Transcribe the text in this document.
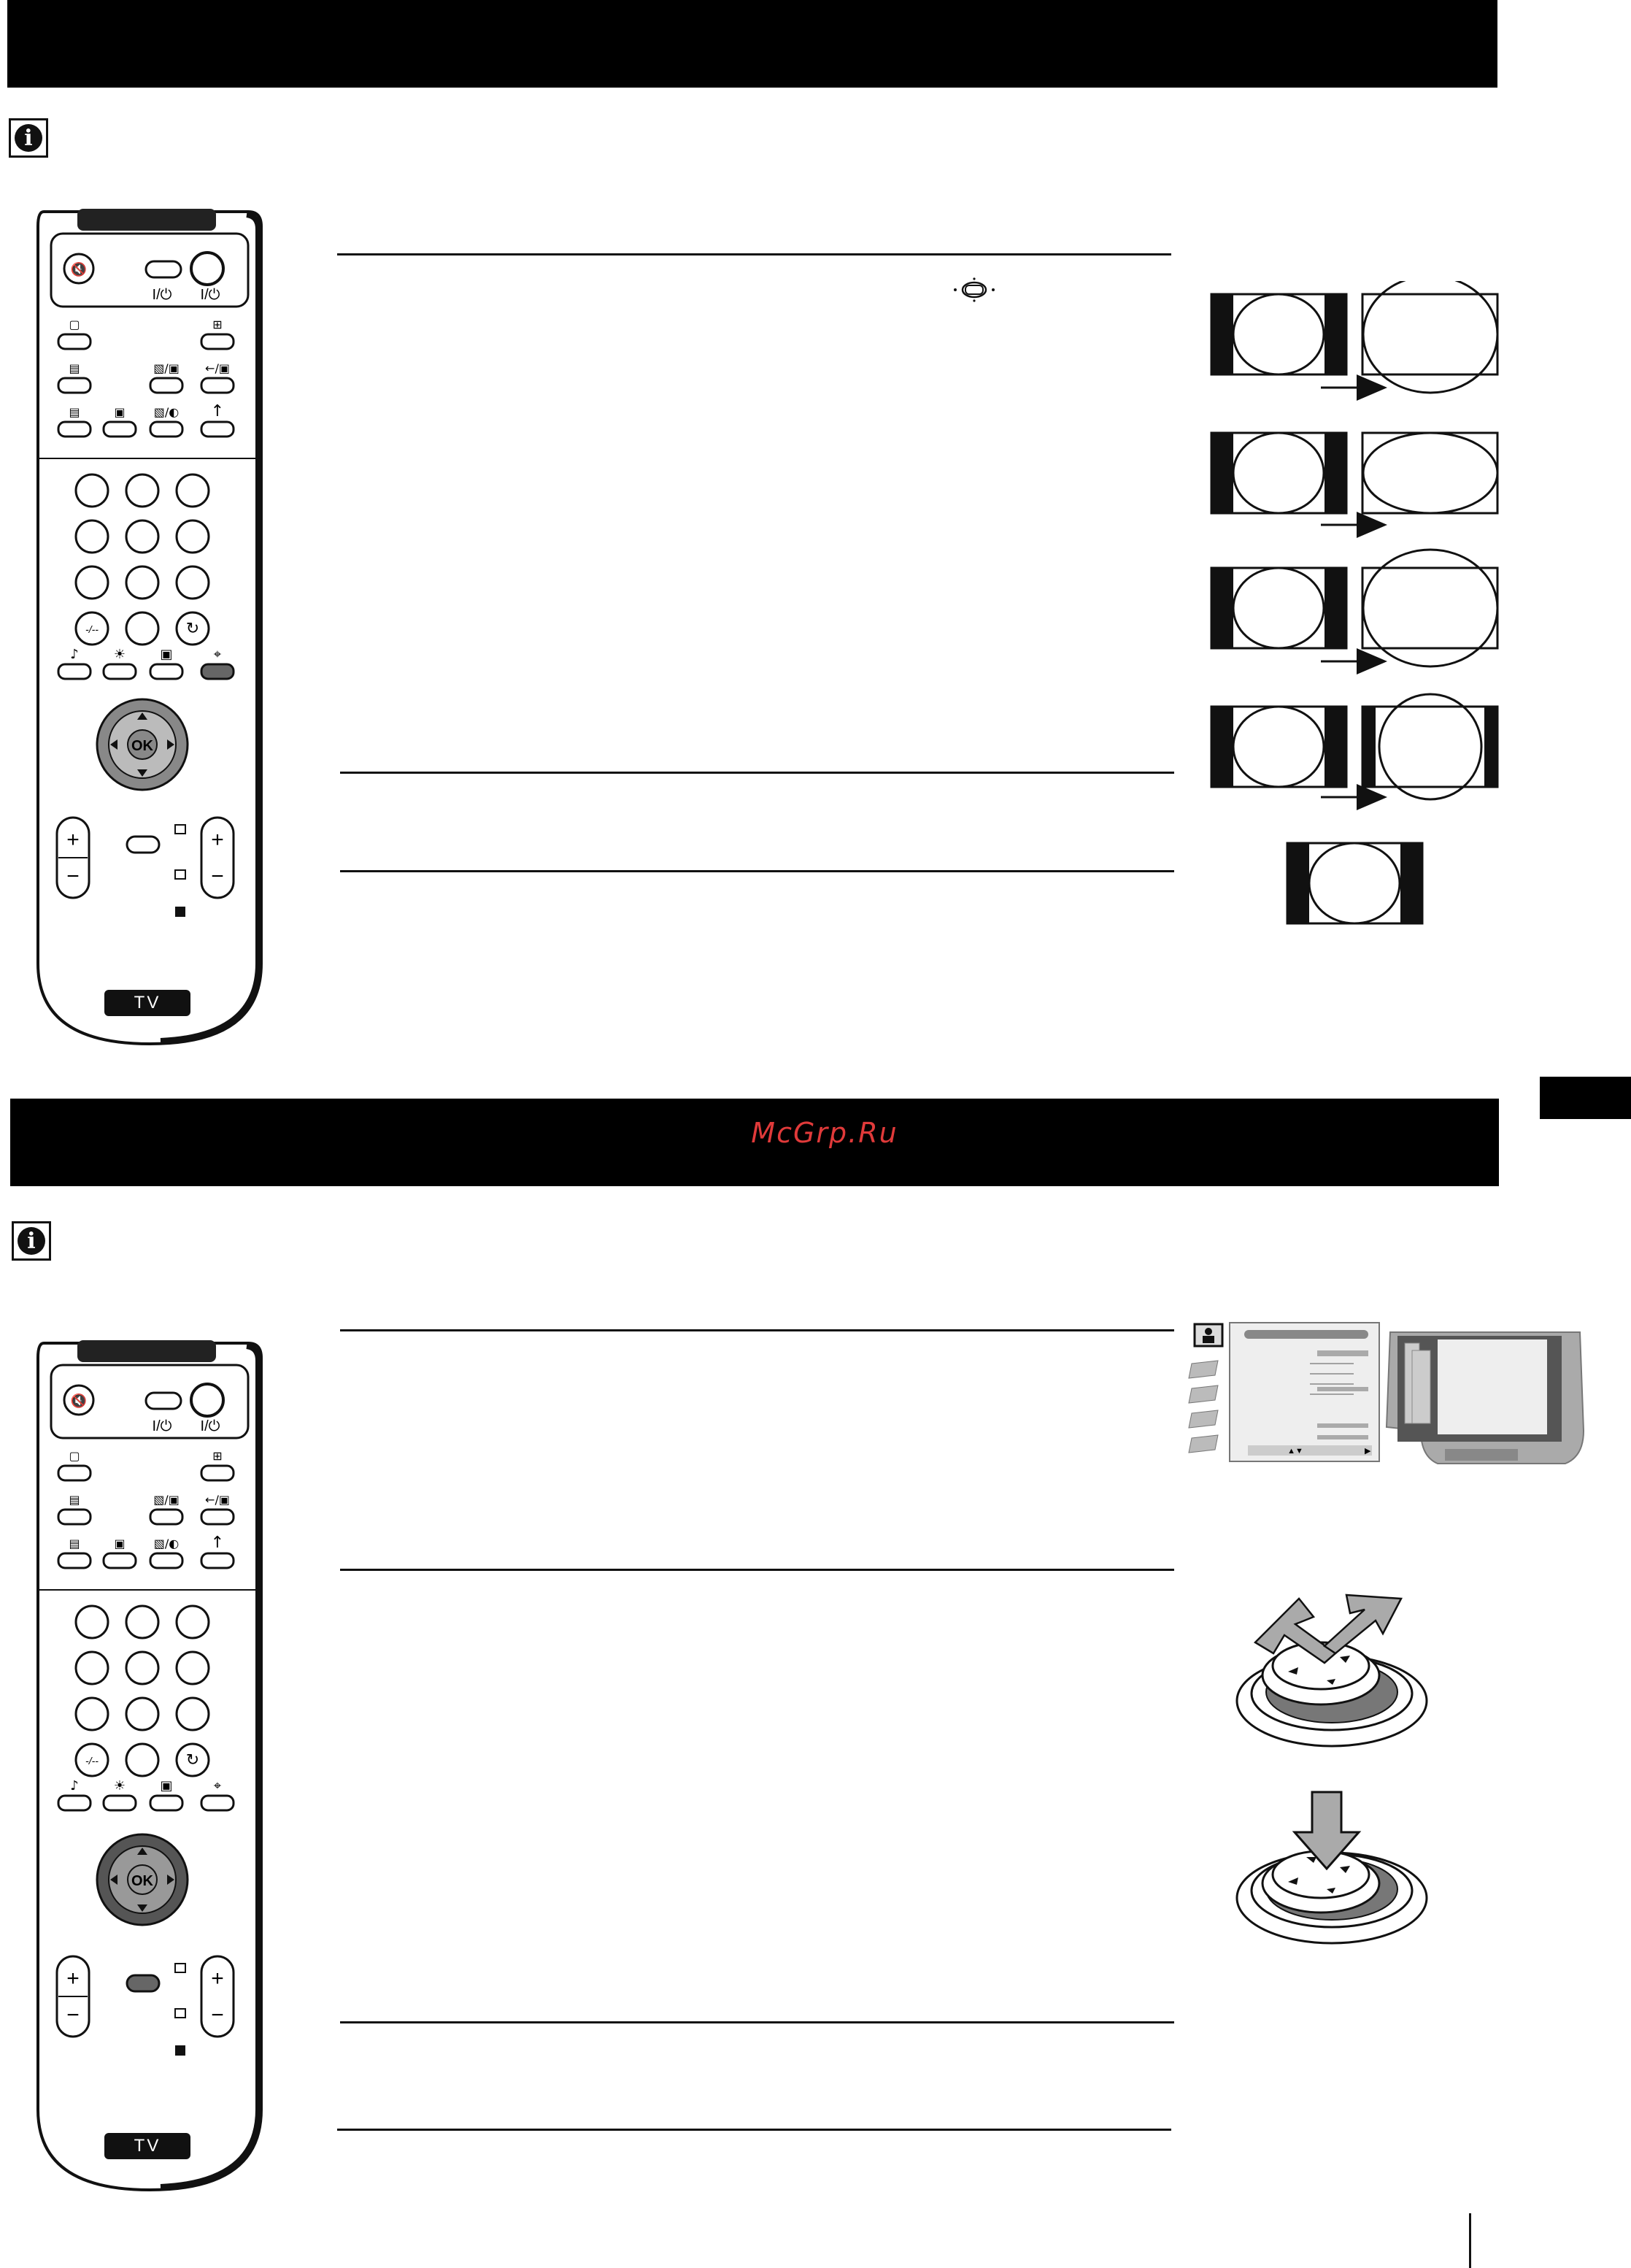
i
🔇
I/⏻ I/⏻
▢	⊞
▤	▧/▣ ←/▣
▤	▣ ▧/◐ ↑
-/--	↻
♪	☀	▣	⌖
OK
+
−
+
−
TV
McGrp.Ru
i
🔇
I/⏻ I/⏻
▢	⊞
▤	▧/▣ ←/▣
▤	▣ ▧/◐ ↑
-/--	↻
♪	☀	▣	⌖
OK
+
−
+
−
TV
▲▼	▶
